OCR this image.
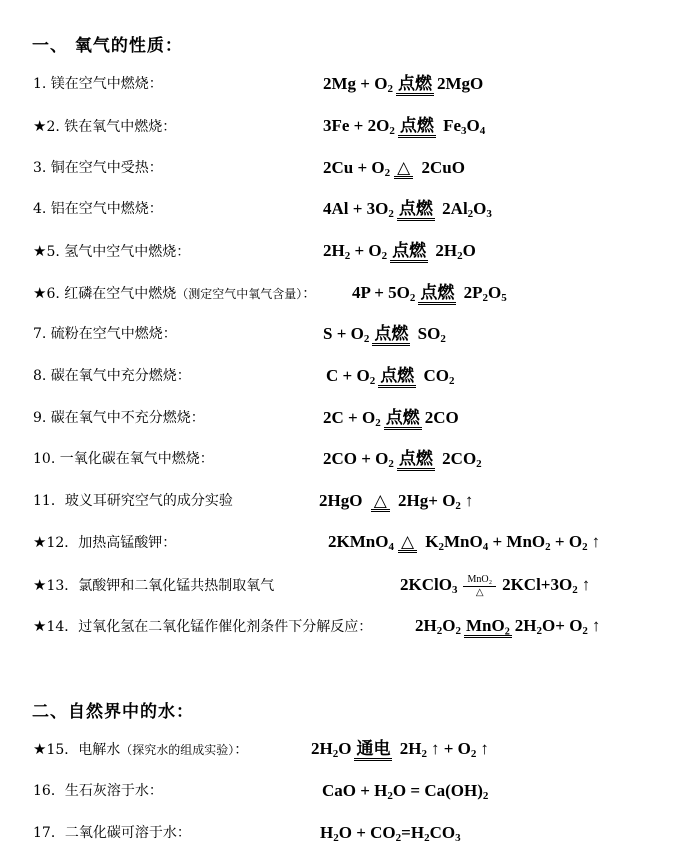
一、 氧气的性质：
二、自然界中的水：
1. 镁在空气中燃烧：	$2Mg + O_2$ 点燃 2MgO
★2. 铁在氧气中燃烧：	$3Fe + 2O_2$ 点燃 $Fe_3O_4$
3. 铜在空气中受热：	$2Cu + O_2$ △ 2CuO
4. 铝在空气中燃烧：	$4Al + 3O_2$ 点燃 $2Al_2O_3$
★5. 氢气中空气中燃烧：	$2H_2 + O_2$ 点燃 $2H_2O$
★6. 红磷在空气中燃烧（测定空气中氧气含量）： $4P + 5O_2$ 点燃 $2P_2O_5$
7. 硫粉在空气中燃烧：	$S + O_2$ 点燃 $SO_2$
8. 碳在氧气中充分燃烧：	$C + O_2$ 点燃 $CO_2$
9. 碳在氧气中不充分燃烧：	$2C + O_2$ 点燃 2CO
10. 一氧化碳在氧气中燃烧：	$2CO + O_2$ 点燃 $2CO_2$
11．玻义耳研究空气的成分实验	2HgO △ $2Hg+ O_2$ ↑
★12．加热高锰酸钾：	2KMnO$_4$ △ $K_2MnO_4 + MnO_2 + O_2$ ↑
★13．氯酸钾和二氧化锰共热制取氧气	2KClO$_3$ $\frac{\text{MnO₂}}{\triangle} 2KCl+3O_2$ ↑
★14．过氧化氢在二氧化锰作催化剂条件下分解反应：	$2H_2O_2$ MnO₂ $2H_2O+ O_2$ ↑
★15．电解水（探究水的组成实验）：	$2H_2O$ 通电 $2H_2$ ↑ + $O_2$ ↑
16．生石灰溶于水：	CaO + $H_2O = Ca(OH)_2$
17．二氧化碳可溶于水：	$H_2O + CO_2=H_2CO_3$
